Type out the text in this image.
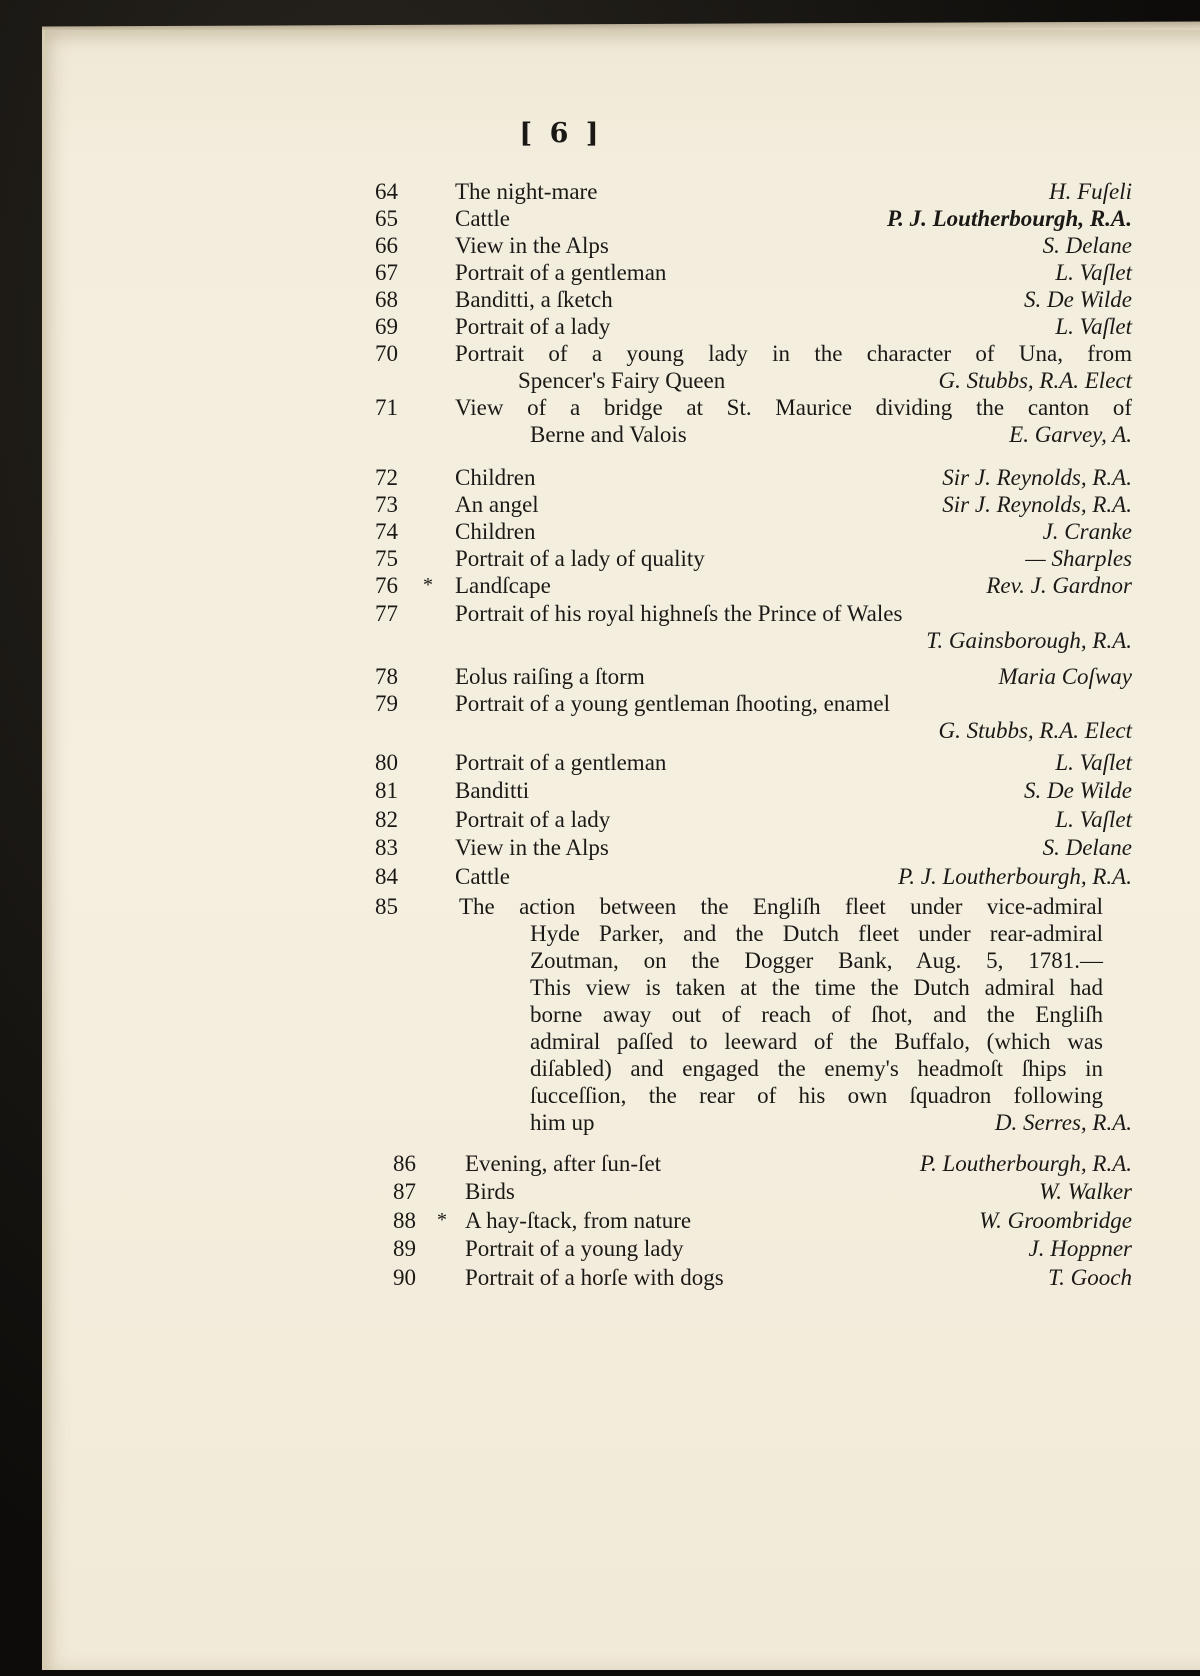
[ 6 ]
64 The night-mare	H. Fuſeli
65 Cattle	P. J. Loutherbourgh, R.A.
66 View in the Alps	S. Delane
67 Portrait of a gentleman	L. Vaſlet
68 Banditti, a ſketch	S. De Wilde
69 Portrait of a lady	L. Vaſlet
70 Portrait of a young lady in the character of Una, from
Spencer's Fairy Queen	G. Stubbs, R.A. Elect
71 View of a bridge at St. Maurice dividing the canton of
Berne and Valois	E. Garvey, A.
72 Children	Sir J. Reynolds, R.A.
73 An angel	Sir J. Reynolds, R.A.
74 Children	J. Cranke
75 Portrait of a lady of quality	— Sharples
76 * Landſcape	Rev. J. Gardnor
77 Portrait of his royal highneſs the Prince of Wales
T. Gainsborough, R.A.
78 Eolus raiſing a ſtorm	Maria Coſway
79 Portrait of a young gentleman ſhooting, enamel
G. Stubbs, R.A. Elect
80 Portrait of a gentleman	L. Vaſlet
81 Banditti	S. De Wilde
82 Portrait of a lady	L. Vaſlet
83 View in the Alps	S. Delane
84 Cattle	P. J. Loutherbourgh, R.A.
85	The action between the Engliſh fleet under vice-admiral
Hyde Parker, and the Dutch fleet under rear-admiral
Zoutman, on the Dogger Bank, Aug. 5, 1781.—
This view is taken at the time the Dutch admiral had
borne away out of reach of ſhot, and the Engliſh
admiral paſſed to leeward of the Buffalo, (which was
diſabled) and engaged the enemy's headmoſt ſhips in
ſucceſſion, the rear of his own ſquadron following
him up	D. Serres, R.A.
86 Evening, after ſun-ſet	P. Loutherbourgh, R.A.
87 Birds	W. Walker
88 * A hay-ſtack, from nature	W. Groombridge
89 Portrait of a young lady	J. Hoppner
90 Portrait of a horſe with dogs	T. Gooch
